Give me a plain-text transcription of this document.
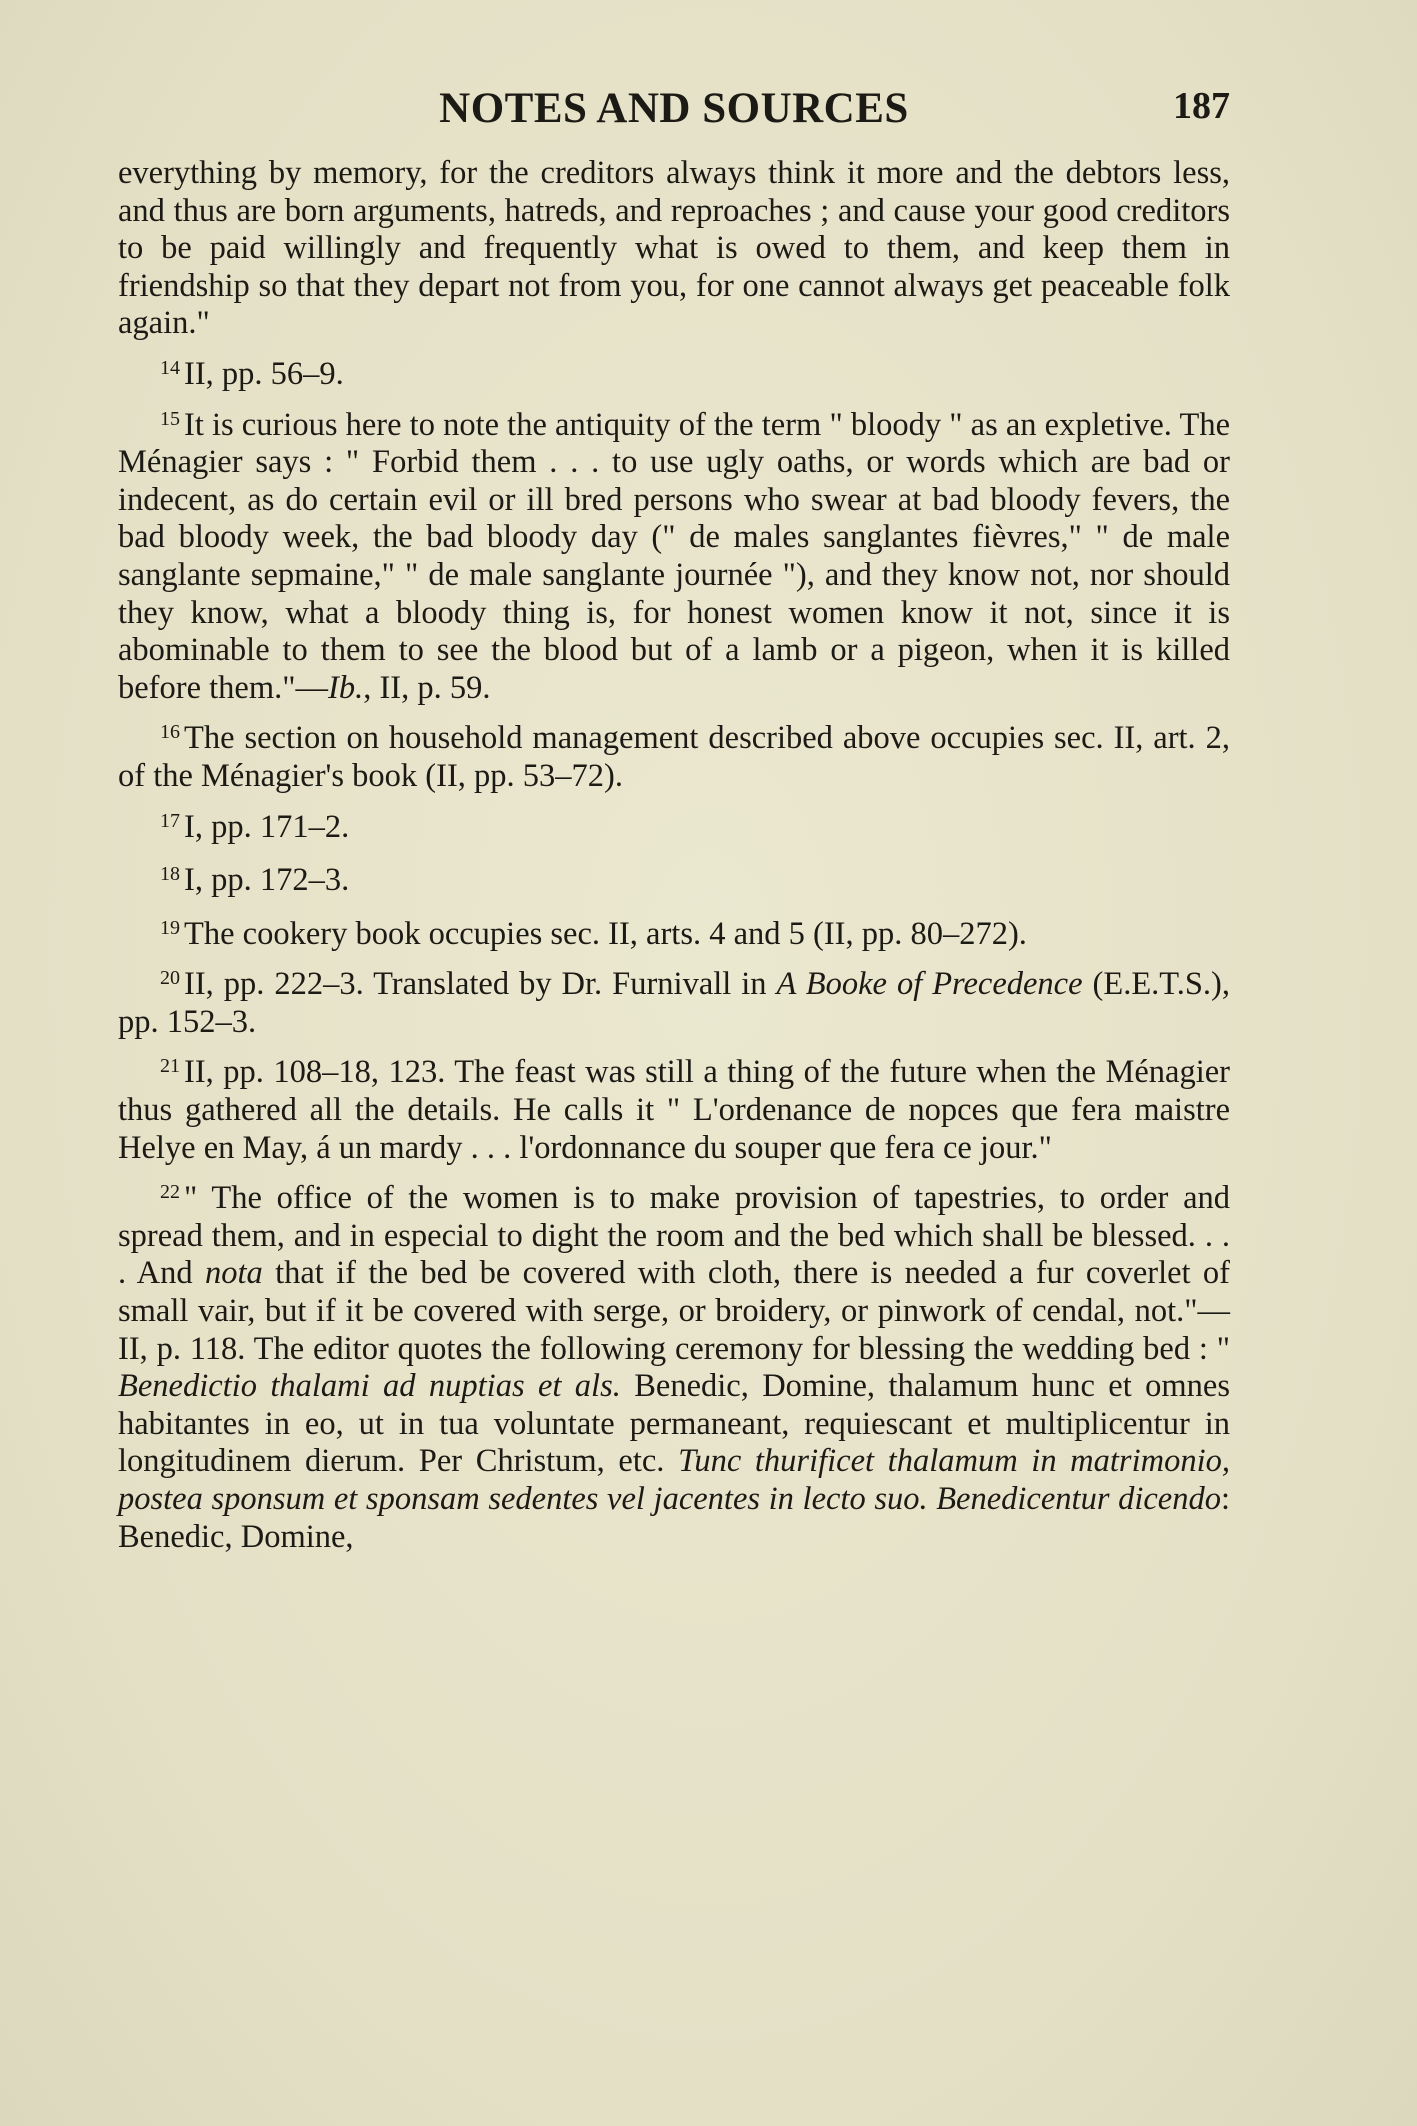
NOTES AND SOURCES	187

everything by memory, for the creditors always think it more and the debtors less, and thus are born arguments, hatreds, and reproaches ; and cause your good creditors to be paid willingly and frequently what is owed to them, and keep them in friendship so that they depart not from you, for one cannot always get peaceable folk again."

$^{14}$ II, pp. 56–9.

$^{15}$ It is curious here to note the antiquity of the term " bloody " as an expletive. The Ménagier says : " Forbid them . . . to use ugly oaths, or words which are bad or indecent, as do certain evil or ill bred persons who swear at bad bloody fevers, the bad bloody week, the bad bloody day (" de males sanglantes fièvres," " de male sanglante sepmaine," " de male sanglante journée "), and they know not, nor should they know, what a bloody thing is, for honest women know it not, since it is abominable to them to see the blood but of a lamb or a pigeon, when it is killed before them."—Ib., II, p. 59.

$^{16}$ The section on household management described above occupies sec. II, art. 2, of the Ménagier's book (II, pp. 53–72).

$^{17}$ I, pp. 171–2.

$^{18}$ I, pp. 172–3.

$^{19}$ The cookery book occupies sec. II, arts. 4 and 5 (II, pp. 80–272).

$^{20}$ II, pp. 222–3. Translated by Dr. Furnivall in A Booke of Precedence (E.E.T.S.), pp. 152–3.

$^{21}$ II, pp. 108–18, 123. The feast was still a thing of the future when the Ménagier thus gathered all the details. He calls it " L'ordenance de nopces que fera maistre Helye en May, á un mardy . . . l'ordonnance du souper que fera ce jour."

$^{22}$ " The office of the women is to make provision of tapestries, to order and spread them, and in especial to dight the room and the bed which shall be blessed. . . . And nota that if the bed be covered with cloth, there is needed a fur coverlet of small vair, but if it be covered with serge, or broidery, or pinwork of cendal, not."—II, p. 118. The editor quotes the following ceremony for blessing the wedding bed : " Benedictio thalami ad nuptias et als. Benedic, Domine, thalamum hunc et omnes habitantes in eo, ut in tua voluntate permaneant, requiescant et multiplicentur in longitudinem dierum. Per Christum, etc. Tunc thurificet thalamum in matrimonio, postea sponsum et sponsam sedentes vel jacentes in lecto suo. Benedicentur dicendo: Benedic, Domine,
